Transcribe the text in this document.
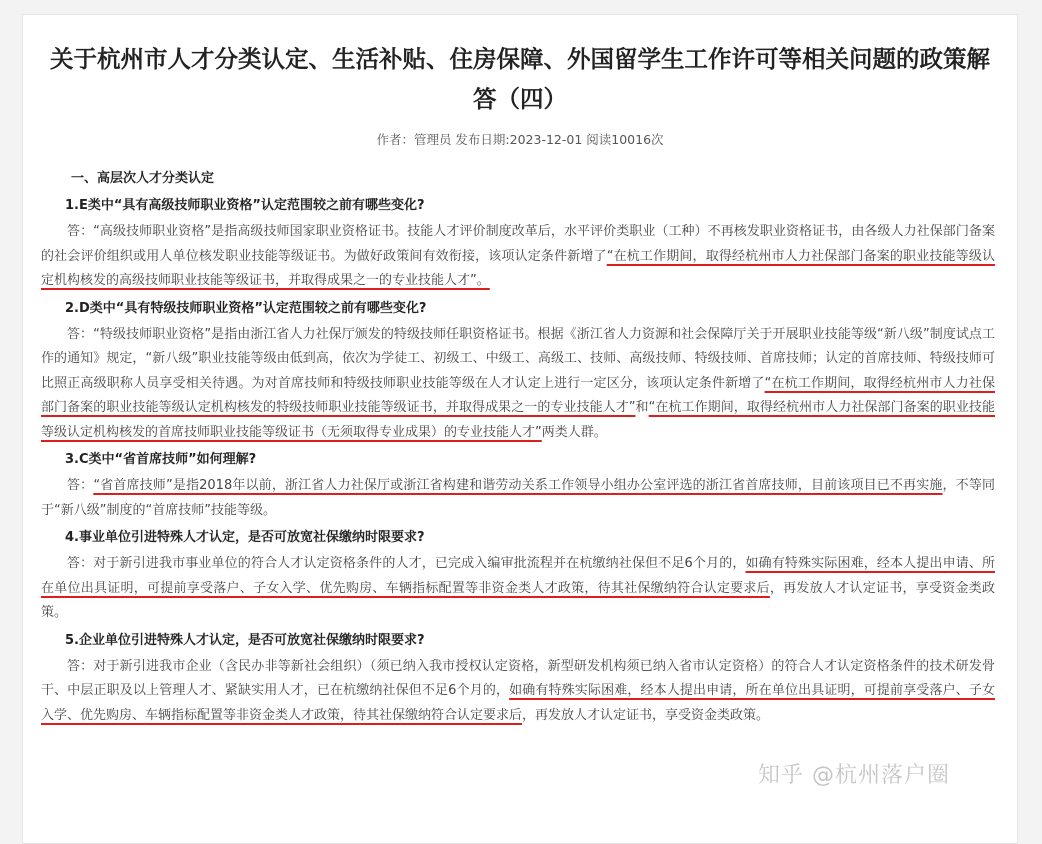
关于杭州市人才分类认定、生活补贴、住房保障、外国留学生工作许可等相关问题的政策解答（四）
作者：管理员 发布日期:2023-12-01 阅读10016次

一、高层次人才分类认定

1.E类中“具有高级技师职业资格”认定范围较之前有哪些变化?

答：“高级技师职业资格”是指高级技师国家职业资格证书。技能人才评价制度改革后，水平评价类职业（工种）不再核发职业资格证书，由各级人力社保部门备案的社会评价组织或用人单位核发职业技能等级证书。为做好政策间有效衔接，该项认定条件新增了“在杭工作期间，取得经杭州市人力社保部门备案的职业技能等级认定机构核发的高级技师职业技能等级证书，并取得成果之一的专业技能人才”。

2.D类中“具有特级技师职业资格”认定范围较之前有哪些变化?

答：“特级技师职业资格”是指由浙江省人力社保厅颁发的特级技师任职资格证书。根据《浙江省人力资源和社会保障厅关于开展职业技能等级“新八级”制度试点工作的通知》规定，“新八级”职业技能等级由低到高，依次为学徒工、初级工、中级工、高级工、技师、高级技师、特级技师、首席技师；认定的首席技师、特级技师可比照正高级职称人员享受相关待遇。为对首席技师和特级技师职业技能等级在人才认定上进行一定区分，该项认定条件新增了“在杭工作期间，取得经杭州市人力社保部门备案的职业技能等级认定机构核发的特级技师职业技能等级证书，并取得成果之一的专业技能人才”和“在杭工作期间，取得经杭州市人力社保部门备案的职业技能等级认定机构核发的首席技师职业技能等级证书（无须取得专业成果）的专业技能人才”两类人群。

3.C类中“省首席技师”如何理解?

答：“省首席技师”是指2018年以前，浙江省人力社保厅或浙江省构建和谐劳动关系工作领导小组办公室评选的浙江省首席技师，目前该项目已不再实施，不等同于“新八级”制度的“首席技师”技能等级。

4.事业单位引进特殊人才认定，是否可放宽社保缴纳时限要求?

答：对于新引进我市事业单位的符合人才认定资格条件的人才，已完成入编审批流程并在杭缴纳社保但不足6个月的，如确有特殊实际困难，经本人提出申请、所在单位出具证明，可提前享受落户、子女入学、优先购房、车辆指标配置等非资金类人才政策，待其社保缴纳符合认定要求后，再发放人才认定证书，享受资金类政策。

5.企业单位引进特殊人才认定，是否可放宽社保缴纳时限要求?

答：对于新引进我市企业（含民办非等新社会组织）（须已纳入我市授权认定资格，新型研发机构须已纳入省市认定资格）的符合人才认定资格条件的技术研发骨干、中层正职及以上管理人才、紧缺实用人才，已在杭缴纳社保但不足6个月的，如确有特殊实际困难，经本人提出申请，所在单位出具证明，可提前享受落户、子女入学、优先购房、车辆指标配置等非资金类人才政策，待其社保缴纳符合认定要求后，再发放人才认定证书，享受资金类政策。

知乎 @杭州落户圈
